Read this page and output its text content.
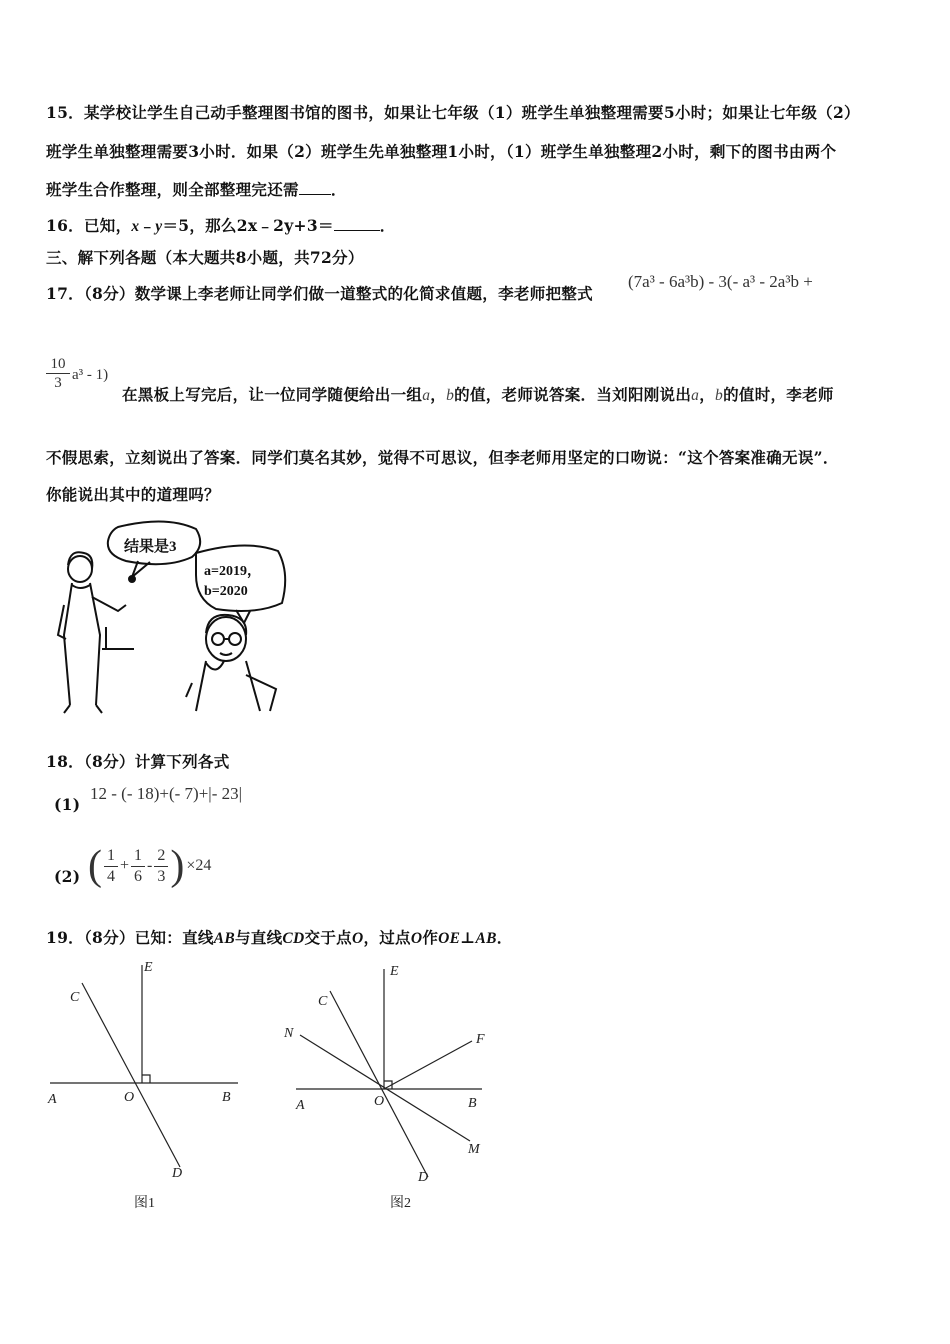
15．某学校让学生自己动手整理图书馆的图书，如果让七年级（1）班学生单独整理需要5小时；如果让七年级（2）
班学生单独整理需要3小时．如果（2）班学生先单独整理1小时，（1）班学生单独整理2小时，剩下的图书由两个
班学生合作整理，则全部整理完还需 ．
16．已知，x﹣y＝5，那么2x﹣2y+3＝	．
三、解下列各题（本大题共8小题，共72分）
17．（8分）数学课上李老师让同学们做一道整式的化简求值题，李老师把整式
(7a³ - 6a³b) - 3(- a³ - 2a³b +
$\frac{10}{3} a^3 - 1$)
在黑板上写完后，让一位同学随便给出一组a，b的值，老师说答案．当刘阳刚说出a，b的值时，李老师
不假思索，立刻说出了答案．同学们莫名其妙，觉得不可思议，但李老师用坚定的口吻说：“这个答案准确无误”．
你能说出其中的道理吗？
结果是3
a=2019，
b=2020
18．（8分）计算下列各式
(1)
12 - (- 18)+(- 7)+|- 23|
(2) ( $\frac{1}{4} + \frac{1}{6} - \frac{2}{3}$ ) ×24
19．（8分）已知：直线AB与直线CD交于点O，过点O作OE⊥AB．
E
C
A	O	B
D
图1
E
C
N	F
A	O	B
M
D
图2
